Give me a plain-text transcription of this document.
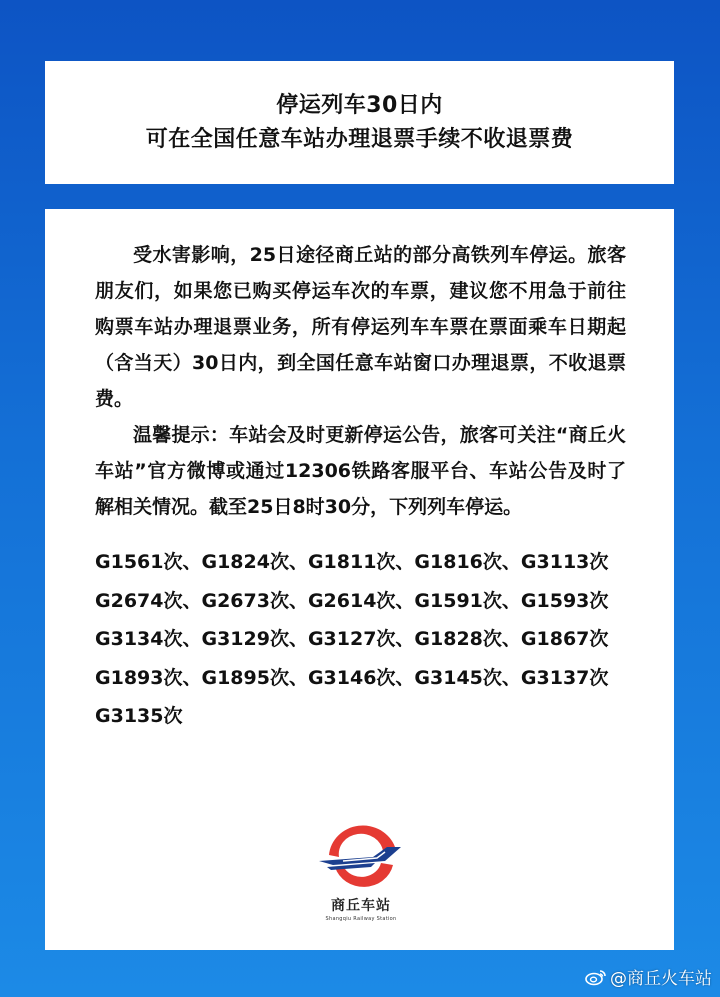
停运列车30日内
可在全国任意车站办理退票手续不收退票费

受水害影响，25日途径商丘站的部分高铁列车停运。旅客朋友们，如果您已购买停运车次的车票，建议您不用急于前往购票车站办理退票业务，所有停运列车车票在票面乘车日期起（含当天）30日内，到全国任意车站窗口办理退票，不收退票费。

温馨提示：车站会及时更新停运公告，旅客可关注“商丘火车站”官方微博或通过12306铁路客服平台、车站公告及时了解相关情况。截至25日8时30分，下列列车停运。

G1561次、G1824次、G1811次、G1816次、G3113次
G2674次、G2673次、G2614次、G1591次、G1593次
G3134次、G3129次、G3127次、G1828次、G1867次
G1893次、G1895次、G3146次、G3145次、G3137次
G3135次
商丘车站
Shangqiu Railway Station
@商丘火车站
